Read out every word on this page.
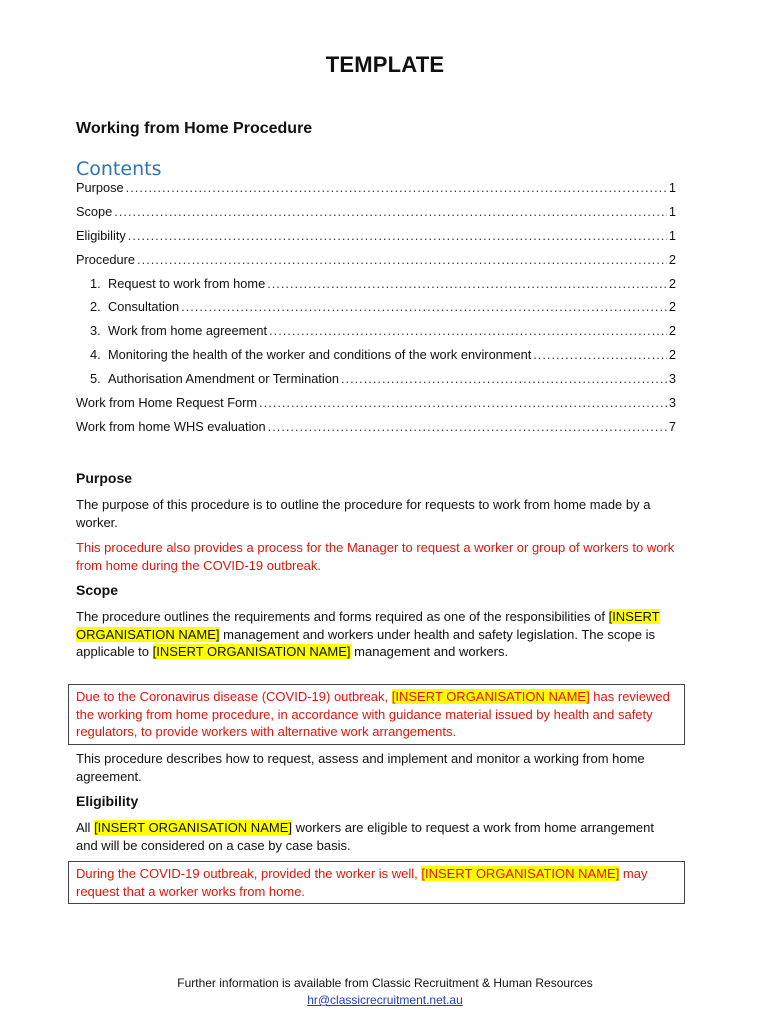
TEMPLATE
Working from Home Procedure
Contents
Purpose .....	1
Scope .....	1
Eligibility .....	1
Procedure .....	2
1. Request to work from home .....	2
2. Consultation .....	2
3. Work from home agreement .....	2
4. Monitoring the health of the worker and conditions of the work environment .....	2
5. Authorisation Amendment or Termination .....	3
Work from Home Request Form .....	3
Work from home WHS evaluation .....	7
Purpose
The purpose of this procedure is to outline the procedure for requests to work from home made by a worker.
This procedure also provides a process for the Manager to request a worker or group of workers to work from home during the COVID-19 outbreak.
Scope
The procedure outlines the requirements and forms required as one of the responsibilities of [INSERT ORGANISATION NAME] management and workers under health and safety legislation. The scope is applicable to [INSERT ORGANISATION NAME] management and workers.
Due to the Coronavirus disease (COVID-19) outbreak, [INSERT ORGANISATION NAME] has reviewed the working from home procedure, in accordance with guidance material issued by health and safety regulators, to provide workers with alternative work arrangements.
This procedure describes how to request, assess and implement and monitor a working from home agreement.
Eligibility
All [INSERT ORGANISATION NAME] workers are eligible to request a work from home arrangement and will be considered on a case by case basis.
During the COVID-19 outbreak, provided the worker is well, [INSERT ORGANISATION NAME] may request that a worker works from home.
Further information is available from Classic Recruitment & Human Resources
hr@classicrecruitment.net.au
